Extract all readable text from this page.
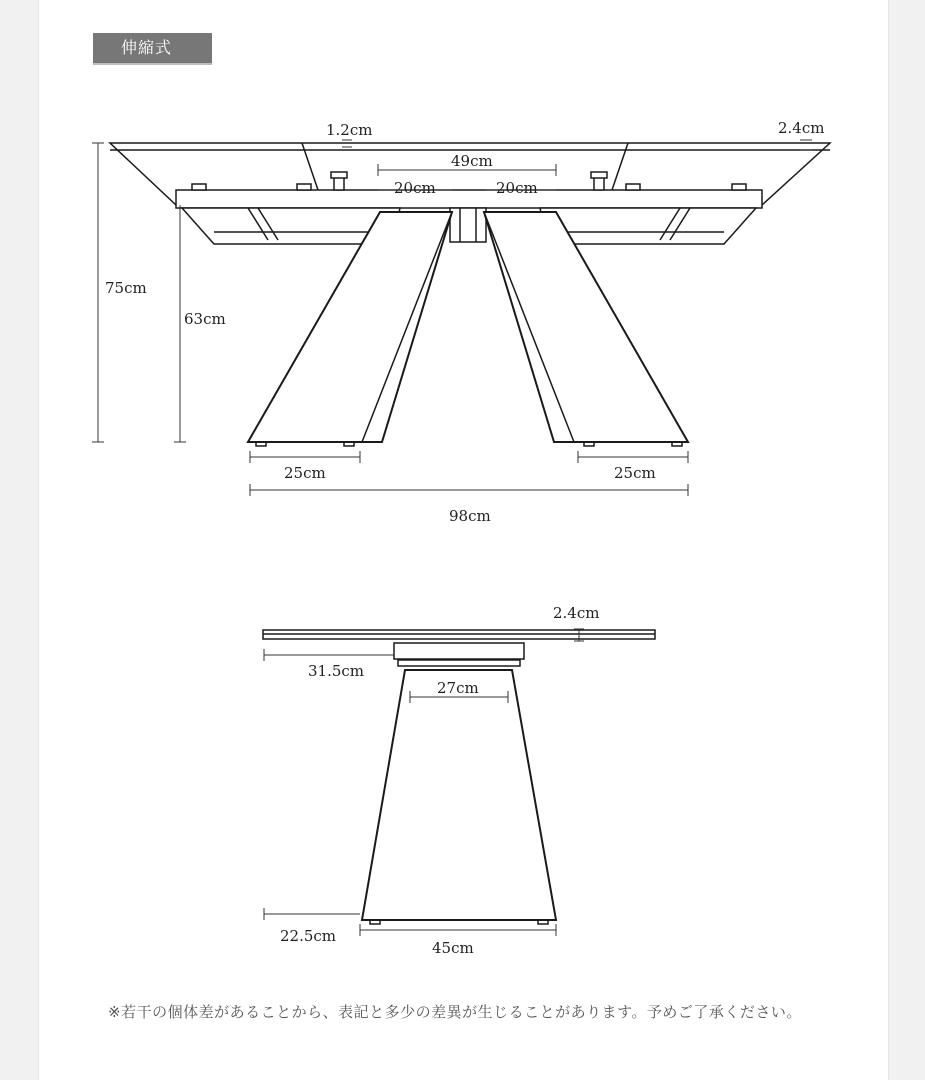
伸縮式
1.2cm	2.4cm
49cm
20cm	20cm
75cm
63cm
25cm	25cm
98cm
2.4cm
31.5cm
27cm
22.5cm
45cm
※若干の個体差があることから、表記と多少の差異が生じることがあります。予めご了承ください。
